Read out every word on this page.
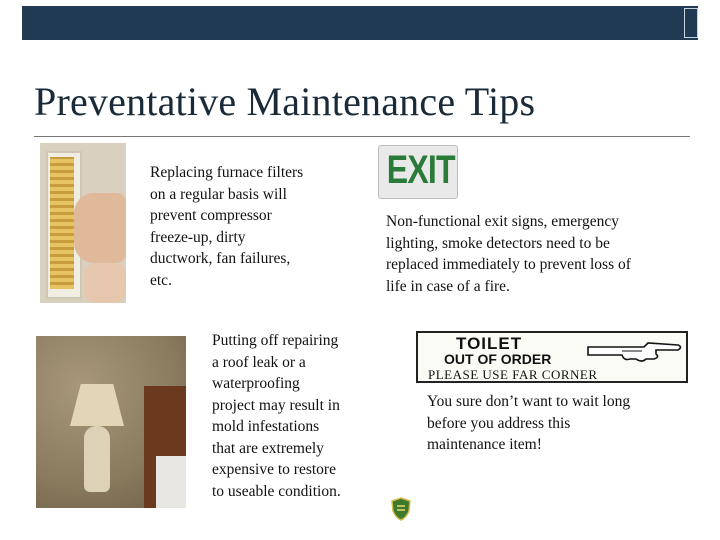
Preventative Maintenance Tips
Replacing furnace filters
on a regular basis will
prevent compressor
freeze-up, dirty
ductwork, fan failures,
etc.
EXIT
Non-functional exit signs, emergency
lighting, smoke detectors need to be
replaced immediately to prevent loss of
life in case of a fire.
Putting off repairing
a roof leak or a
waterproofing
project may result in
mold infestations
that are extremely
expensive to restore
to useable condition.
TOILET
OUT OF ORDER
PLEASE USE FAR CORNER
You sure don’t want to wait long
before you address this
maintenance item!
